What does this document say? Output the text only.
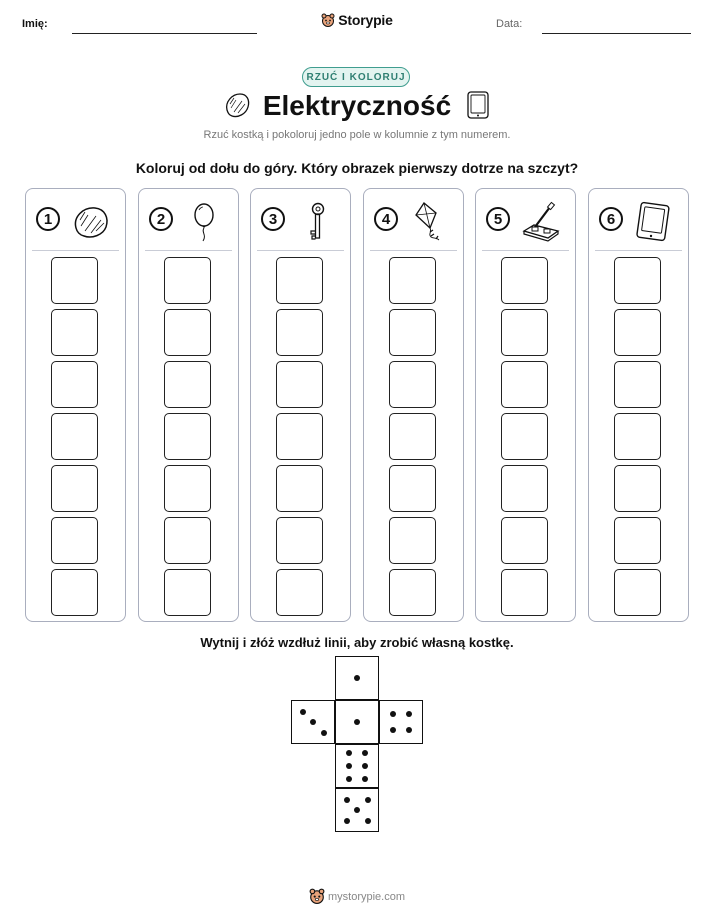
Imię:	Storypie	Data:
RZUĆ I KOLORUJ
Elektryczność
Rzuć kostką i pokoloruj jedno pole w kolumnie z tym numerem.
Koloruj od dołu do góry. Który obrazek pierwszy dotrze na szczyt?
1	2	3	4	5	6
Wytnij i złóż wzdłuż linii, aby zrobić własną kostkę.
mystorypie.com
